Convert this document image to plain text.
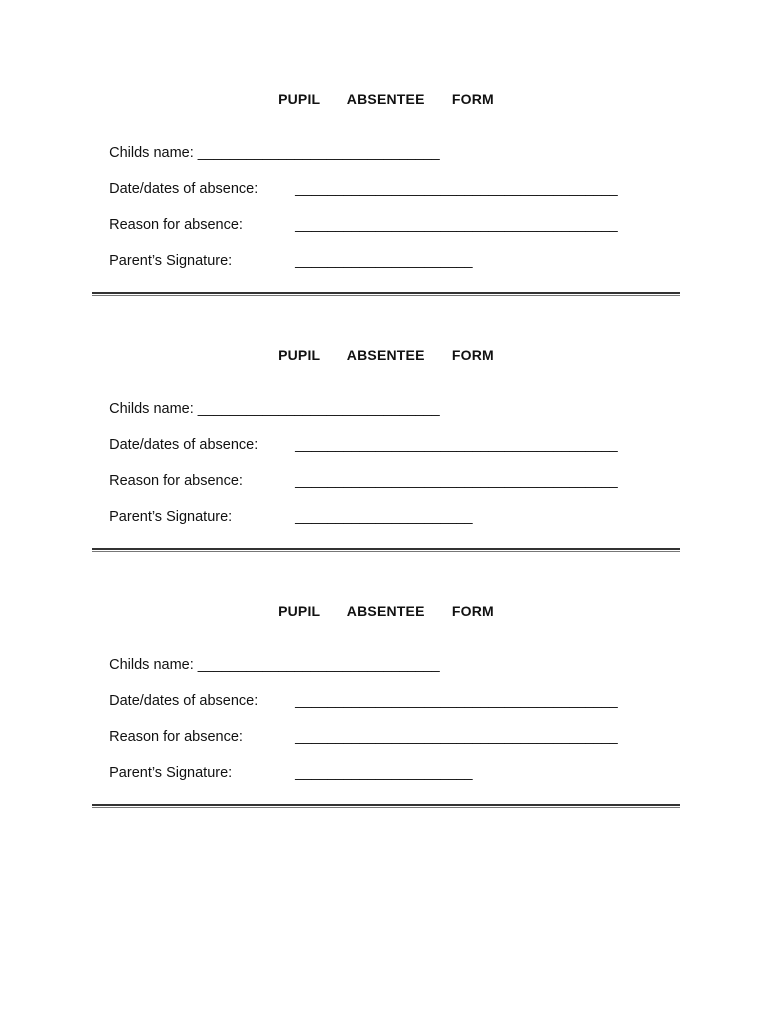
PUPIL   ABSENTEE   FORM

Childs name: ______________________________

Date/dates of absence:	________________________________________

Reason for absence:	________________________________________

Parent’s Signature:	______________________

PUPIL   ABSENTEE   FORM

Childs name: ______________________________

Date/dates of absence:	________________________________________

Reason for absence:	________________________________________

Parent’s Signature:	______________________

PUPIL   ABSENTEE   FORM

Childs name: ______________________________

Date/dates of absence:	________________________________________

Reason for absence:	________________________________________

Parent’s Signature:	______________________
